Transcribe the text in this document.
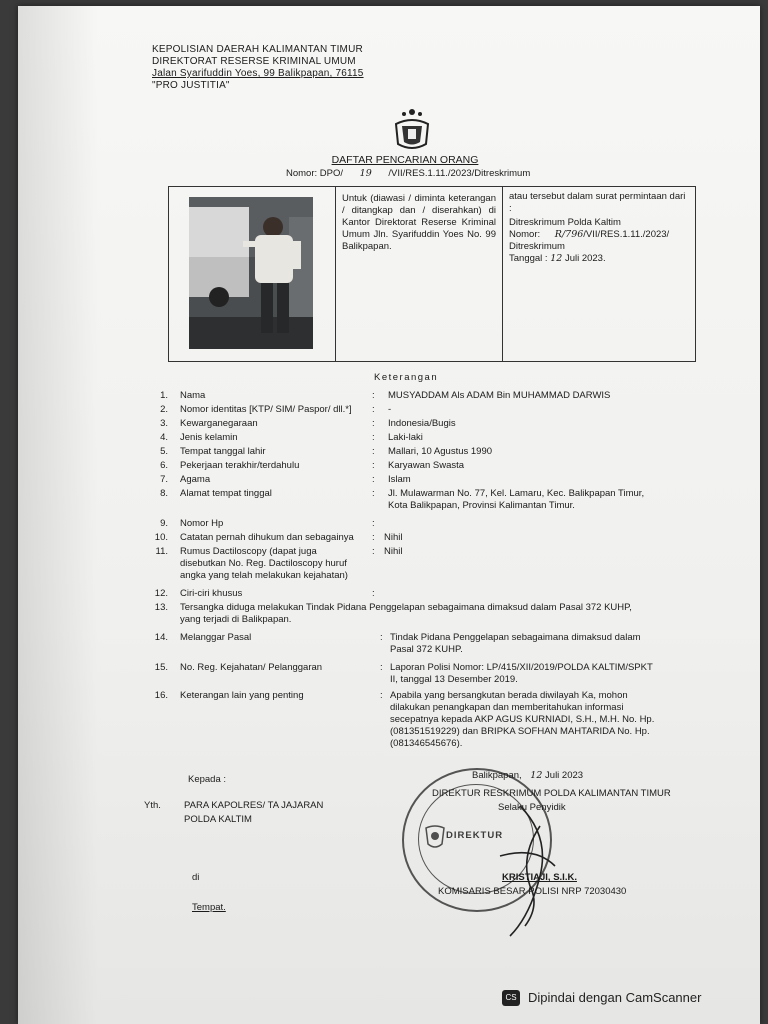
KEPOLISIAN DAERAH KALIMANTAN TIMUR
DIREKTORAT RESERSE KRIMINAL UMUM
Jalan Syarifuddin Yoes, 99 Balikpapan, 76115
"PRO JUSTITIA"
DAFTAR PENCARIAN ORANG
Nomor: DPO/ 19 /VII/RES.1.11./2023/Ditreskrimum
Untuk (diawasi / diminta keterangan / ditangkap dan / diserahkan) di Kantor Direktorat Reserse Kriminal Umum Jln. Syarifuddin Yoes No. 99 Balikpapan.
atau tersebut dalam surat permintaan dari :
Ditreskrimum Polda Kaltim
Nomor: R/796/VII/RES.1.11./2023/
Ditreskrimum
Tanggal : 12 Juli 2023.
Keterangan
1. Nama	: MUSYADDAM Als ADAM Bin MUHAMMAD DARWIS
2. Nomor identitas [KTP/ SIM/ Paspor/ dll.*] : -
3. Kewarganegaraan	: Indonesia/Bugis
4. Jenis kelamin	: Laki-laki
5. Tempat tanggal lahir	: Mallari, 10 Agustus 1990
6. Pekerjaan terakhir/terdahulu	: Karyawan Swasta
7. Agama	: Islam
8. Alamat tempat tinggal	: Jl. Mulawarman No. 77, Kel. Lamaru, Kec. Balikpapan Timur,
Kota Balikpapan, Provinsi Kalimantan Timur.
9. Nomor Hp	:
10. Catatan pernah dihukum dan sebagainya : Nihil
11. Rumus Dactiloscopy (dapat juga
disebutkan No. Reg. Dactiloscopy huruf
angka yang telah melakukan kejahatan)
: Nihil
12. Ciri-ciri khusus	:
13. Tersangka diduga melakukan Tindak Pidana Penggelapan sebagaimana dimaksud dalam Pasal 372 KUHP,
yang terjadi di Balikpapan.
14. Melanggar Pasal	: Tindak Pidana Penggelapan sebagaimana dimaksud dalam
Pasal 372 KUHP.
15. No. Reg. Kejahatan/ Pelanggaran	: Laporan Polisi Nomor: LP/415/XII/2019/POLDA KALTIM/SPKT
II, tanggal 13 Desember 2019.
16. Keterangan lain yang penting	: Apabila yang bersangkutan berada diwilayah Ka, mohon
dilakukan penangkapan dan memberitahukan informasi
secepatnya kepada AKP AGUS KURNIADI, S.H., M.H. No. Hp.
(081351519229) dan BRIPKA SOFHAN MAHTARIDA No. Hp.
(081346545676).
Kepada :
Yth. PARA KAPOLRES/ TA JAJARAN
POLDA KALTIM
di
Tempat.
DIREKTUR
Balikpapan, 12 Juli 2023
DIREKTUR RESKRIMUM POLDA KALIMANTAN TIMUR
Selaku Penyidik
KRISTIAJI, S.I.K.
KOMISARIS BESAR POLISI NRP 72030430
CS Dipindai dengan CamScanner
